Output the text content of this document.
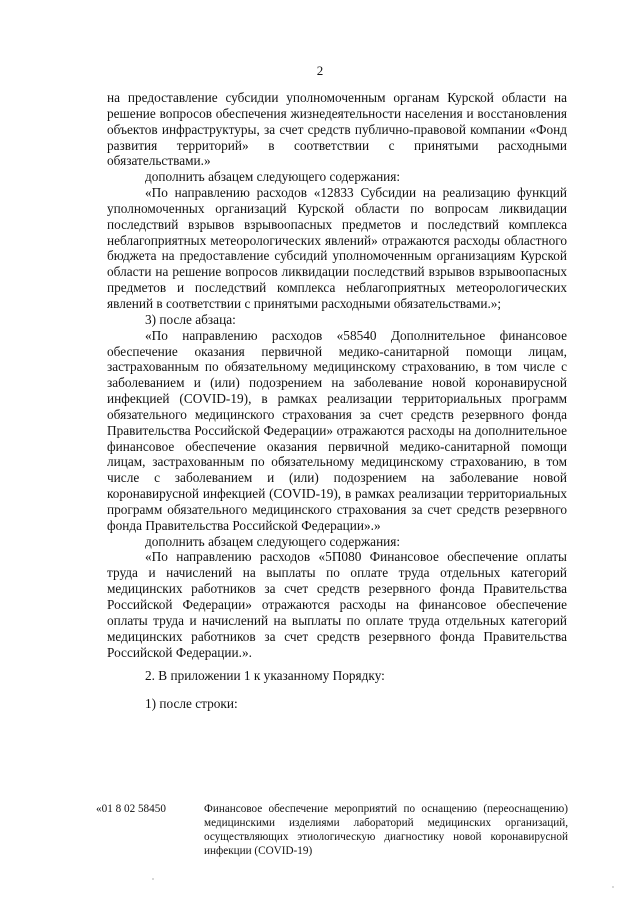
2

на предоставление субсидии уполномоченным органам Курской области на решение вопросов обеспечения жизнедеятельности населения и восстановления объектов инфраструктуры, за счет средств публично-правовой компании «Фонд развития территорий» в соответствии с принятыми расходными обязательствами.»

дополнить абзацем следующего содержания:

«По направлению расходов «12833 Субсидии на реализацию функций уполномоченных организаций Курской области по вопросам ликвидации последствий взрывов взрывоопасных предметов и последствий комплекса неблагоприятных метеорологических явлений» отражаются расходы областного бюджета на предоставление субсидий уполномоченным организациям Курской области на решение вопросов ликвидации последствий взрывов взрывоопасных предметов и последствий комплекса неблагоприятных метеорологических явлений в соответствии с принятыми расходными обязательствами.»;

3) после абзаца:

«По направлению расходов «58540 Дополнительное финансовое обеспечение оказания первичной медико-санитарной помощи лицам, застрахованным по обязательному медицинскому страхованию, в том числе с заболеванием и (или) подозрением на заболевание новой коронавирусной инфекцией (COVID-19), в рамках реализации территориальных программ обязательного медицинского страхования за счет средств резервного фонда Правительства Российской Федерации» отражаются расходы на дополнительное финансовое обеспечение оказания первичной медико-санитарной помощи лицам, застрахованным по обязательному медицинскому страхованию, в том числе с заболеванием и (или) подозрением на заболевание новой коронавирусной инфекцией (COVID-19), в рамках реализации территориальных программ обязательного медицинского страхования за счет средств резервного фонда Правительства Российской Федерации».»

дополнить абзацем следующего содержания:

«По направлению расходов «5П080 Финансовое обеспечение оплаты труда и начислений на выплаты по оплате труда отдельных категорий медицинских работников за счет средств резервного фонда Правительства Российской Федерации» отражаются расходы на финансовое обеспечение оплаты труда и начислений на выплаты по оплате труда отдельных категорий медицинских работников за счет средств резервного фонда Правительства Российской Федерации.».

2. В приложении 1 к указанному Порядку:

1) после строки:

«01 8 02 58450	Финансовое обеспечение мероприятий по оснащению (переоснащению) медицинскими изделиями лабораторий медицинских организаций, осуществляющих этиологическую диагностику новой коронавирусной инфекции (COVID-19)
